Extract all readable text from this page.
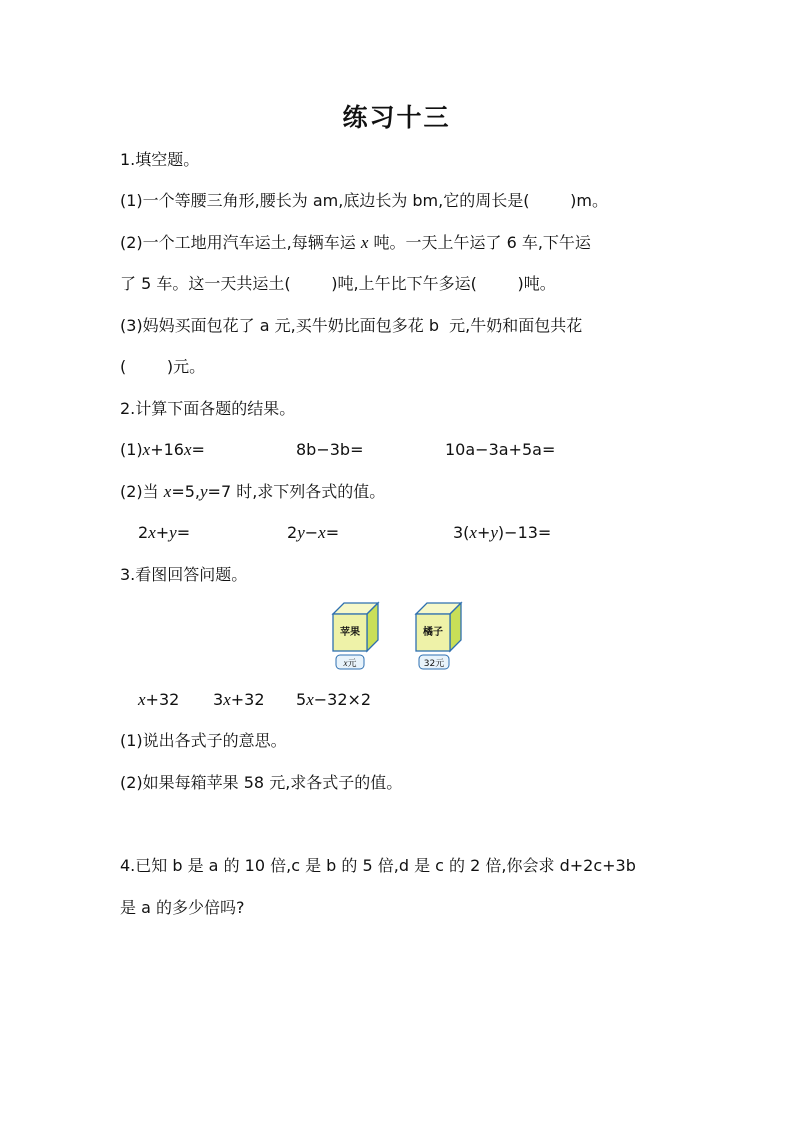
练习十三
1.填空题。
(1)一个等腰三角形,腰长为 am,底边长为 bm,它的周长是(        )m。
(2)一个工地用汽车运土,每辆车运 x 吨。一天上午运了 6 车,下午运
了 5 车。这一天共运土(        )吨,上午比下午多运(        )吨。
(3)妈妈买面包花了 a 元,买牛奶比面包多花 b  元,牛奶和面包共花
(        )元。
2.计算下面各题的结果。
(1)x+16x=	8b−3b=	10a−3a+5a=
(2)当 x=5,y=7 时,求下列各式的值。
2x+y=	2y−x=	3(x+y)−13=
3.看图回答问题。
苹果
x元
橘子
32元
x+32 3x+32 5x−32×2
(1)说出各式子的意思。
(2)如果每箱苹果 58 元,求各式子的值。
4.已知 b 是 a 的 10 倍,c 是 b 的 5 倍,d 是 c 的 2 倍,你会求 d+2c+3b
是 a 的多少倍吗?
